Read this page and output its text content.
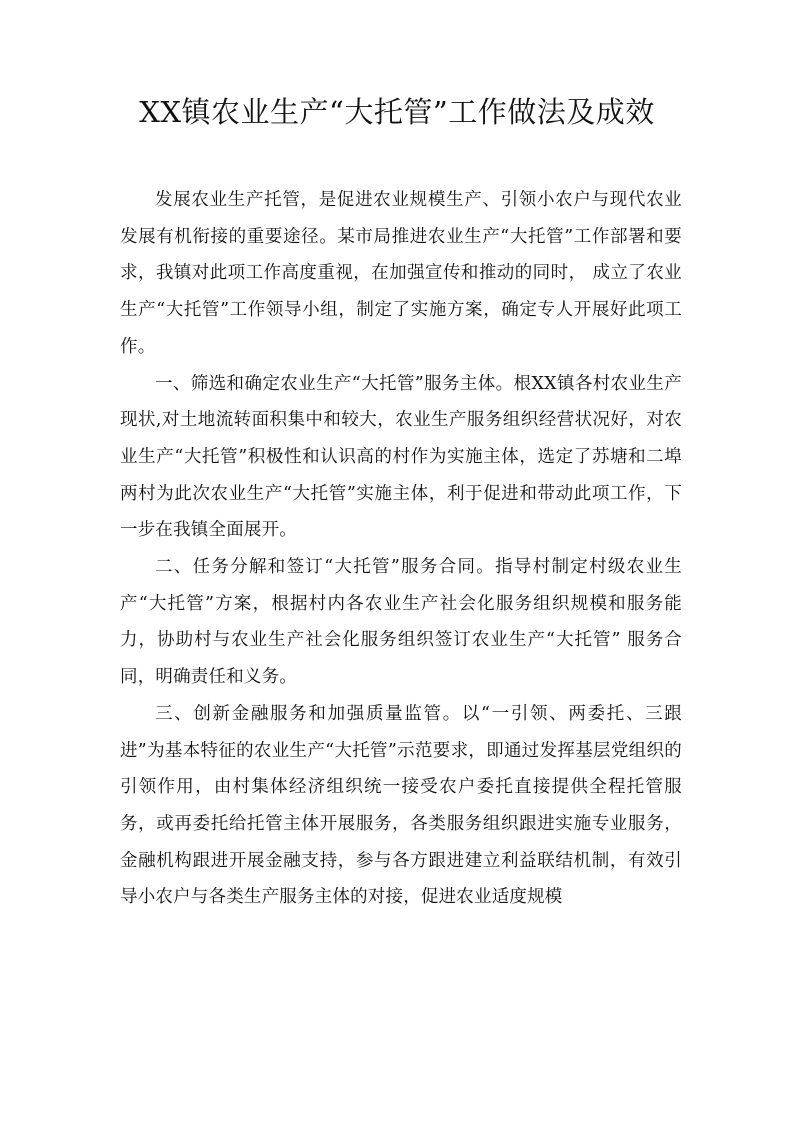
XX镇农业生产“大托管”工作做法及成效

发展农业生产托管，是促进农业规模生产、引领小农户与现代农业发展有机衔接的重要途径。某市局推进农业生产“大托管”工作部署和要求，我镇对此项工作高度重视，在加强宣传和推动的同时， 成立了农业生产“大托管”工作领导小组，制定了实施方案，确定专人开展好此项工作。

一、筛选和确定农业生产“大托管”服务主体。根XX镇各村农业生产现状,对土地流转面积集中和较大，农业生产服务组织经营状况好，对农业生产“大托管”积极性和认识高的村作为实施主体，选定了苏塘和二埠两村为此次农业生产“大托管”实施主体，利于促进和带动此项工作，下一步在我镇全面展开。

二、任务分解和签订“大托管”服务合同。指导村制定村级农业生产“大托管”方案，根据村内各农业生产社会化服务组织规模和服务能力，协助村与农业生产社会化服务组织签订农业生产“大托管” 服务合同，明确责任和义务。

三、创新金融服务和加强质量监管。以“一引领、两委托、三跟进”为基本特征的农业生产“大托管”示范要求，即通过发挥基层党组织的引领作用，由村集体经济组织统一接受农户委托直接提供全程托管服务，或再委托给托管主体开展服务，各类服务组织跟进实施专业服务，金融机构跟进开展金融支持，参与各方跟进建立利益联结机制，有效引导小农户与各类生产服务主体的对接，促进农业适度规模
